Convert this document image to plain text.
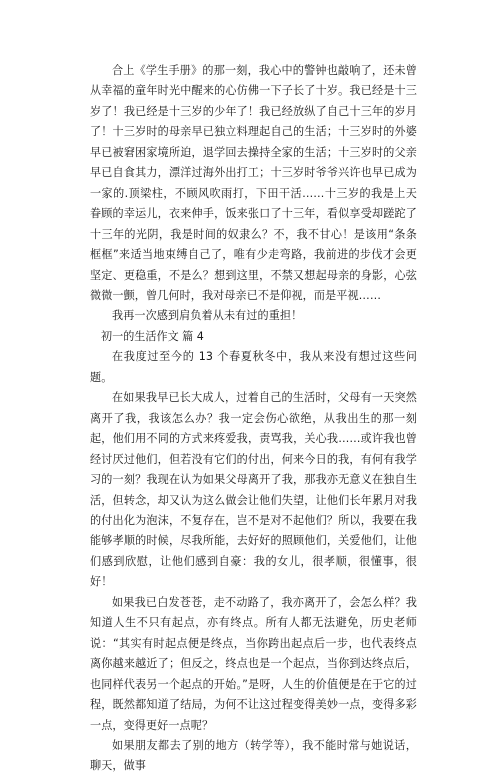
合上《学生手册》的那一刻，我心中的警钟也敲响了，还未曾从幸福的童年时光中醒来的心仿佛一下子长了十岁。我已经是十三岁了！我已经是十三岁的少年了！我已经放纵了自己十三年的岁月了！十三岁时的母亲早已独立料理起自己的生活；十三岁时的外婆早已被窘困家境所迫，退学回去操持全家的生活；十三岁时的父亲早已自食其力，漂洋过海外出打工；十三岁时爷爷兴许也早已成为一家的.顶梁柱，不顾风吹雨打，下田干活……十三岁的我是上天眷顾的幸运儿，衣来伸手，饭来张口了十三年，看似享受却蹉跎了十三年的光阴，我是时间的奴隶么？不，我不甘心！是该用“条条框框”来适当地束缚自己了，唯有少走弯路，我前进的步伐才会更坚定、更稳重，不是么？想到这里，不禁又想起母亲的身影，心弦微微一颤，曾几何时，我对母亲已不是仰视，而是平视……

我再一次感到肩负着从未有过的重担！

初一的生活作文 篇 4

在我度过至今的 13 个春夏秋冬中，我从来没有想过这些问题。

在如果我早已长大成人，过着自己的生活时，父母有一天突然离开了我，我该怎么办？我一定会伤心欲绝，从我出生的那一刻起，他们用不同的方式来疼爱我，责骂我，关心我……或许我也曾经讨厌过他们，但若没有它们的付出，何来今日的我，有何有我学习的一刻？我现在认为如果父母离开了我，那我亦无意义在独自生活，但转念，却又认为这么做会让他们失望，让他们长年累月对我的付出化为泡沫，不复存在，岂不是对不起他们？所以，我要在我能够孝顺的时候，尽我所能，去好好的照顾他们，关爱他们，让他们感到欣慰，让他们感到自豪：我的女儿，很孝顺，很懂事，很好！

如果我已白发苍苍，走不动路了，我亦离开了，会怎么样？我知道人生不只有起点，亦有终点。所有人都无法避免，历史老师说：“其实有时起点便是终点，当你跨出起点后一步，也代表终点离你越来越近了；但反之，终点也是一个起点，当你到达终点后，也同样代表另一个起点的开始。”是呀，人生的价值便是在于它的过程，既然都知道了结局，为何不让这过程变得美妙一点，变得多彩一点，变得更好一点呢？

如果朋友都去了别的地方（转学等），我不能时常与她说话，聊天，做事
